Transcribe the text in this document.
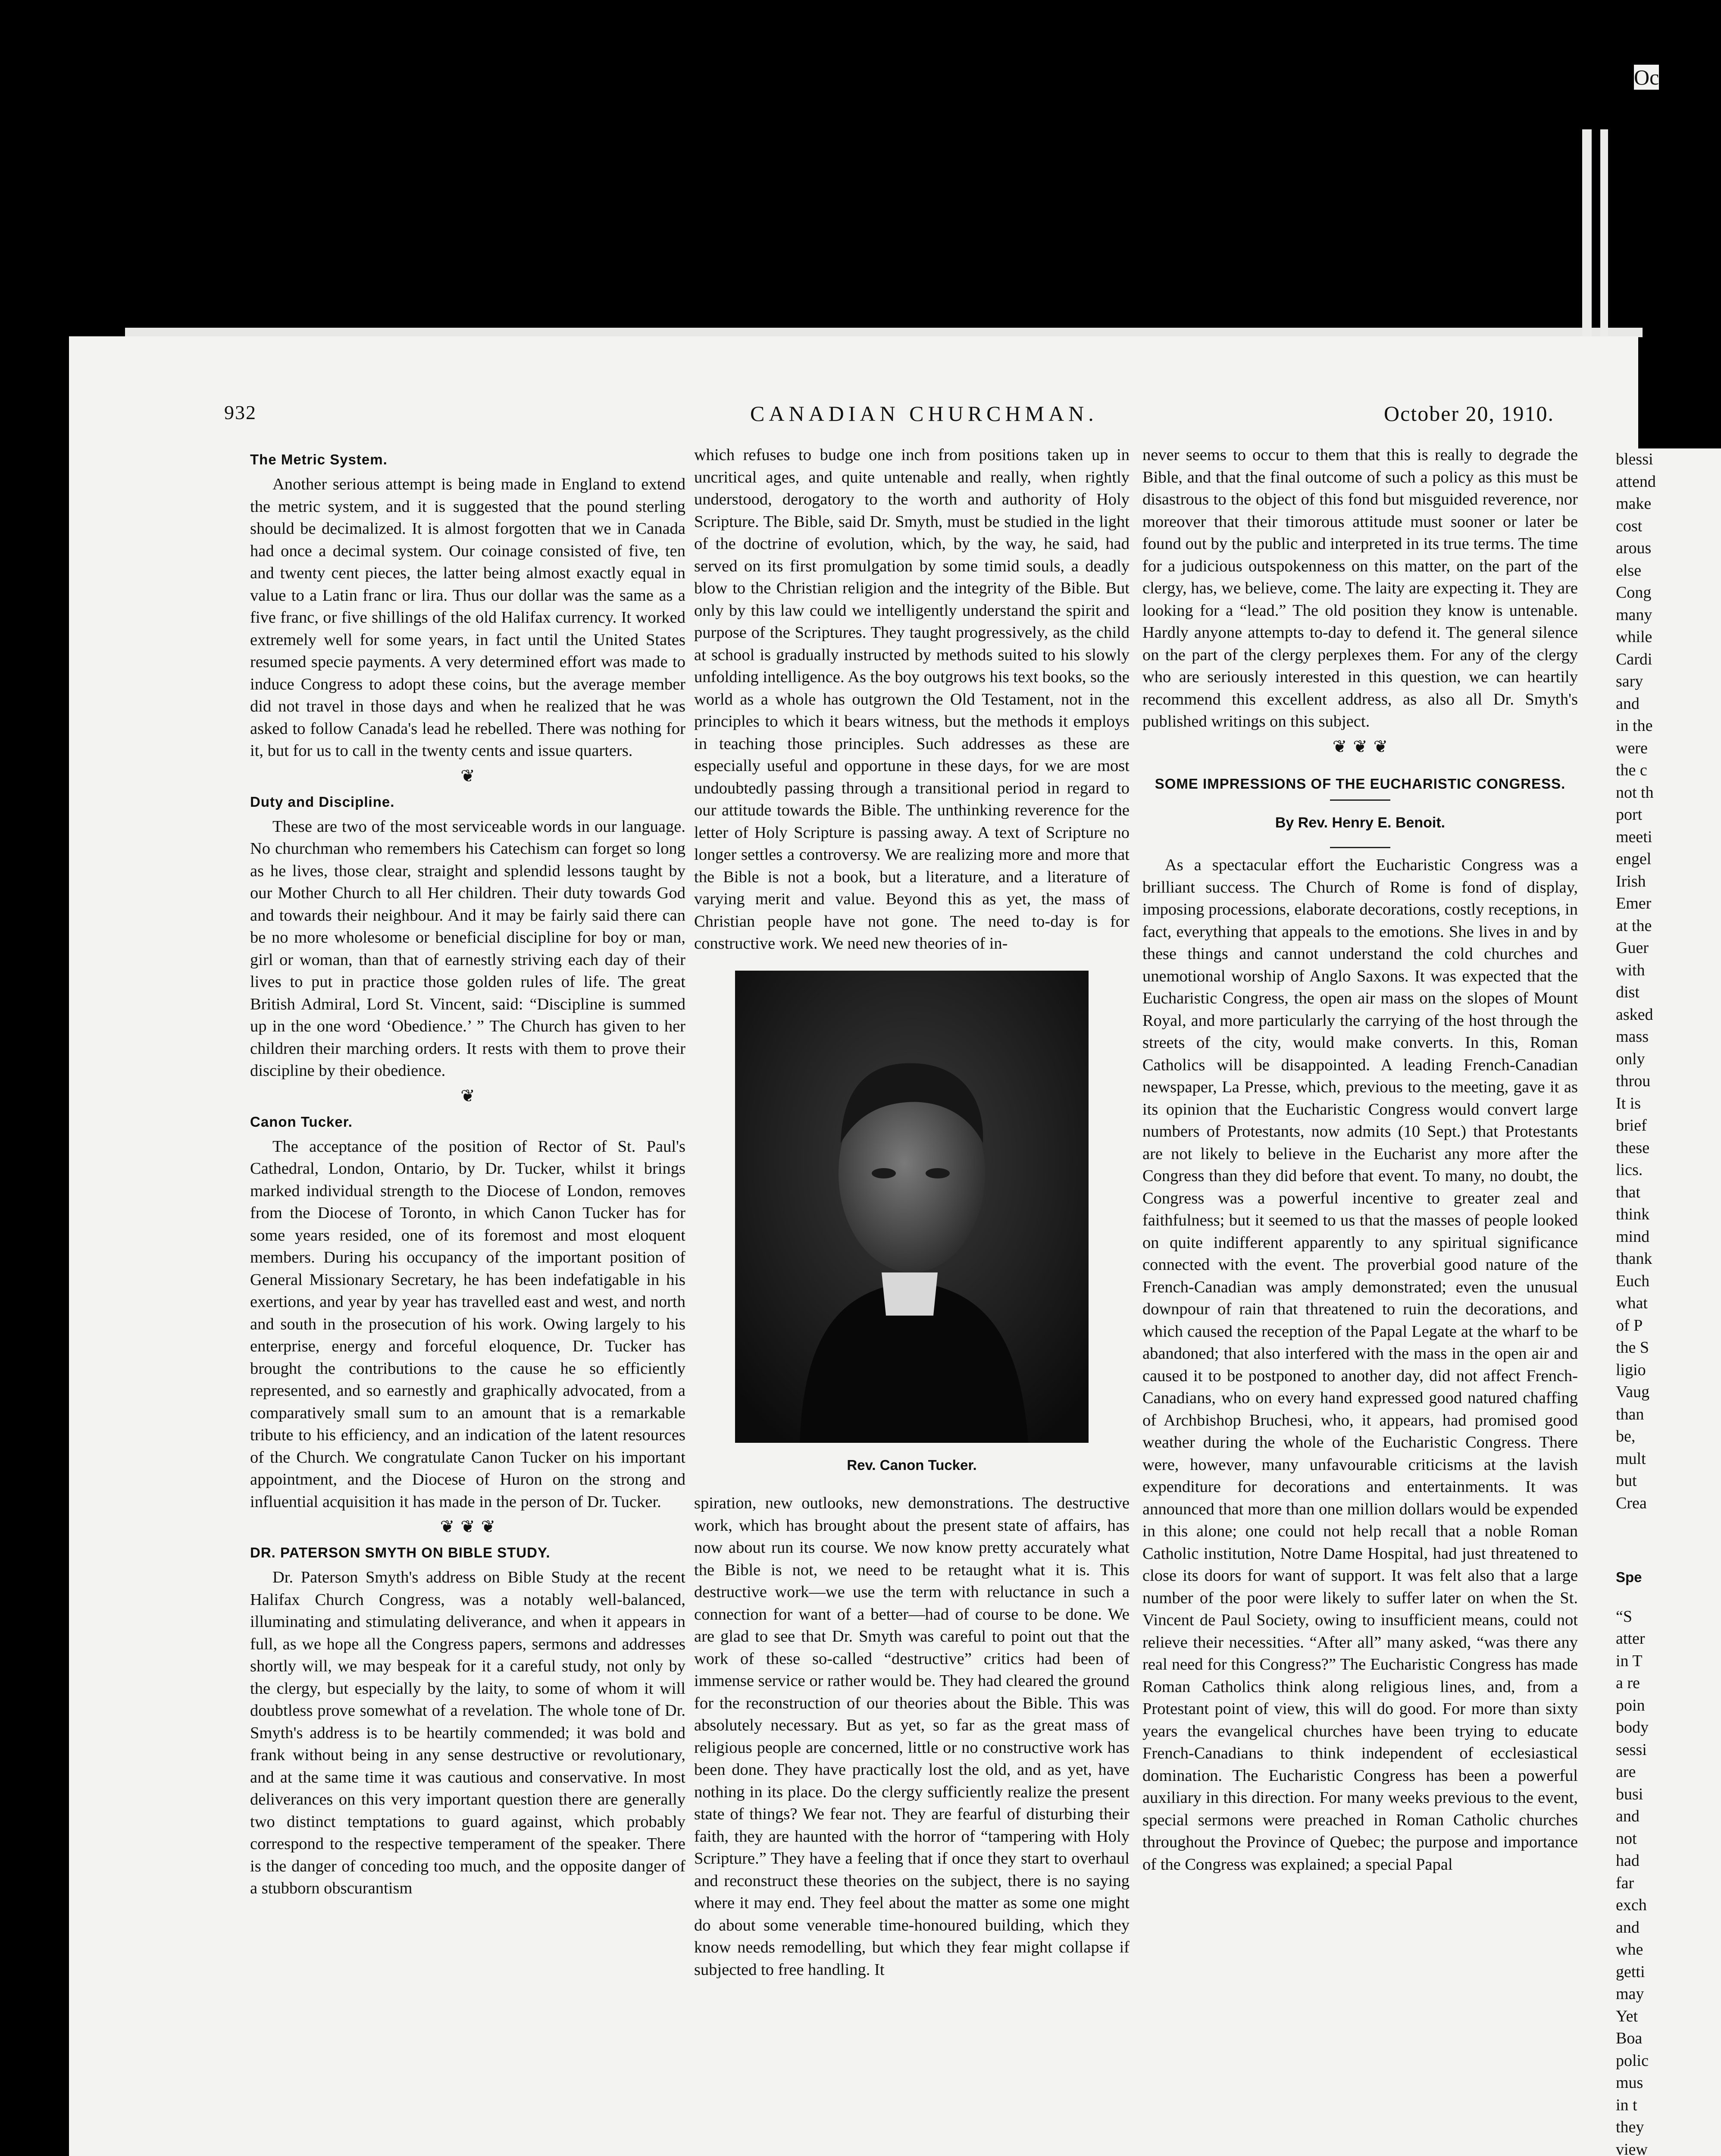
932	CANADIAN CHURCHMAN.	October 20, 1910.
The Metric System.

Another serious attempt is being made in England to extend the metric system, and it is suggested that the pound sterling should be decimalized. It is almost forgotten that we in Canada had once a decimal system. Our coinage consisted of five, ten and twenty cent pieces, the latter being almost exactly equal in value to a Latin franc or lira. Thus our dollar was the same as a five franc, or five shillings of the old Halifax currency. It worked extremely well for some years, in fact until the United States resumed specie payments. A very determined effort was made to induce Congress to adopt these coins, but the average member did not travel in those days and when he realized that he was asked to follow Canada's lead he rebelled. There was nothing for it, but for us to call in the twenty cents and issue quarters.

❦
Duty and Discipline.

These are two of the most serviceable words in our language. No churchman who remembers his Catechism can forget so long as he lives, those clear, straight and splendid lessons taught by our Mother Church to all Her children. Their duty towards God and towards their neighbour. And it may be fairly said there can be no more wholesome or beneficial discipline for boy or man, girl or woman, than that of earnestly striving each day of their lives to put in practice those golden rules of life. The great British Admiral, Lord St. Vincent, said: “Discipline is summed up in the one word ‘Obedience.’ ” The Church has given to her children their marching orders. It rests with them to prove their discipline by their obedience.

❦
Canon Tucker.

The acceptance of the position of Rector of St. Paul's Cathedral, London, Ontario, by Dr. Tucker, whilst it brings marked individual strength to the Diocese of London, removes from the Diocese of Toronto, in which Canon Tucker has for some years resided, one of its foremost and most eloquent members. During his occupancy of the important position of General Missionary Secretary, he has been indefatigable in his exertions, and year by year has travelled east and west, and north and south in the prosecution of his work. Owing largely to his enterprise, energy and forceful eloquence, Dr. Tucker has brought the contributions to the cause he so efficiently represented, and so earnestly and graphically advocated, from a comparatively small sum to an amount that is a remarkable tribute to his efficiency, and an indication of the latent resources of the Church. We congratulate Canon Tucker on his important appointment, and the Diocese of Huron on the strong and influential acquisition it has made in the person of Dr. Tucker.

❦ ❦ ❦
DR. PATERSON SMYTH ON BIBLE STUDY.

Dr. Paterson Smyth's address on Bible Study at the recent Halifax Church Congress, was a notably well-balanced, illuminating and stimulating deliverance, and when it appears in full, as we hope all the Congress papers, sermons and addresses shortly will, we may bespeak for it a careful study, not only by the clergy, but especially by the laity, to some of whom it will doubtless prove somewhat of a revelation. The whole tone of Dr. Smyth's address is to be heartily commended; it was bold and frank without being in any sense destructive or revolutionary, and at the same time it was cautious and conservative. In most deliverances on this very important question there are generally two distinct temptations to guard against, which probably correspond to the respective temperament of the speaker. There is the danger of conceding too much, and the opposite danger of a stubborn obscurantism

which refuses to budge one inch from positions taken up in uncritical ages, and quite untenable and really, when rightly understood, derogatory to the worth and authority of Holy Scripture. The Bible, said Dr. Smyth, must be studied in the light of the doctrine of evolution, which, by the way, he said, had served on its first promulgation by some timid souls, a deadly blow to the Christian religion and the integrity of the Bible. But only by this law could we intelligently understand the spirit and purpose of the Scriptures. They taught progressively, as the child at school is gradually instructed by methods suited to his slowly unfolding intelligence. As the boy outgrows his text books, so the world as a whole has outgrown the Old Testament, not in the principles to which it bears witness, but the methods it employs in teaching those principles. Such addresses as these are especially useful and opportune in these days, for we are most undoubtedly passing through a transitional period in regard to our attitude towards the Bible. The unthinking reverence for the letter of Holy Scripture is passing away. A text of Scripture no longer settles a controversy. We are realizing more and more that the Bible is not a book, but a literature, and a literature of varying merit and value. Beyond this as yet, the mass of Christian people have not gone. The need to-day is for constructive work. We need new theories of in-

Rev. Canon Tucker.

spiration, new outlooks, new demonstrations. The destructive work, which has brought about the present state of affairs, has now about run its course. We now know pretty accurately what the Bible is not, we need to be retaught what it is. This destructive work—we use the term with reluctance in such a connection for want of a better—had of course to be done. We are glad to see that Dr. Smyth was careful to point out that the work of these so-called “destructive” critics had been of immense service or rather would be. They had cleared the ground for the reconstruction of our theories about the Bible. This was absolutely necessary. But as yet, so far as the great mass of religious people are concerned, little or no constructive work has been done. They have practically lost the old, and as yet, have nothing in its place. Do the clergy sufficiently realize the present state of things? We fear not. They are fearful of disturbing their faith, they are haunted with the horror of “tampering with Holy Scripture.” They have a feeling that if once they start to overhaul and reconstruct these theories on the subject, there is no saying where it may end. They feel about the matter as some one might do about some venerable time-honoured building, which they know needs remodelling, but which they fear might collapse if subjected to free handling. It

never seems to occur to them that this is really to degrade the Bible, and that the final outcome of such a policy as this must be disastrous to the object of this fond but misguided reverence, nor moreover that their timorous attitude must sooner or later be found out by the public and interpreted in its true terms. The time for a judicious outspokenness on this matter, on the part of the clergy, has, we believe, come. The laity are expecting it. They are looking for a “lead.” The old position they know is untenable. Hardly anyone attempts to-day to defend it. The general silence on the part of the clergy perplexes them. For any of the clergy who are seriously interested in this question, we can heartily recommend this excellent address, as also all Dr. Smyth's published writings on this subject.

❦ ❦ ❦
SOME IMPRESSIONS OF THE EUCHARISTIC CONGRESS.
By Rev. Henry E. Benoit.

As a spectacular effort the Eucharistic Congress was a brilliant success. The Church of Rome is fond of display, imposing processions, elaborate decorations, costly receptions, in fact, everything that appeals to the emotions. She lives in and by these things and cannot understand the cold churches and unemotional worship of Anglo Saxons. It was expected that the Eucharistic Congress, the open air mass on the slopes of Mount Royal, and more particularly the carrying of the host through the streets of the city, would make converts. In this, Roman Catholics will be disappointed. A leading French-Canadian newspaper, La Presse, which, previous to the meeting, gave it as its opinion that the Eucharistic Congress would convert large numbers of Protestants, now admits (10 Sept.) that Protestants are not likely to believe in the Eucharist any more after the Congress than they did before that event. To many, no doubt, the Congress was a powerful incentive to greater zeal and faithfulness; but it seemed to us that the masses of people looked on quite indifferent apparently to any spiritual significance connected with the event. The proverbial good nature of the French-Canadian was amply demonstrated; even the unusual downpour of rain that threatened to ruin the decorations, and which caused the reception of the Papal Legate at the wharf to be abandoned; that also interfered with the mass in the open air and caused it to be postponed to another day, did not affect French-Canadians, who on every hand expressed good natured chaffing of Archbishop Bruchesi, who, it appears, had promised good weather during the whole of the Eucharistic Congress. There were, however, many unfavourable criticisms at the lavish expenditure for decorations and entertainments. It was announced that more than one million dollars would be expended in this alone; one could not help recall that a noble Roman Catholic institution, Notre Dame Hospital, had just threatened to close its doors for want of support. It was felt also that a large number of the poor were likely to suffer later on when the St. Vincent de Paul Society, owing to insufficient means, could not relieve their necessities. “After all” many asked, “was there any real need for this Congress?” The Eucharistic Congress has made Roman Catholics think along religious lines, and, from a Protestant point of view, this will do good. For more than sixty years the evangelical churches have been trying to educate French-Canadians to think independent of ecclesiastical domination. The Eucharistic Congress has been a powerful auxiliary in this direction. For many weeks previous to the event, special sermons were preached in Roman Catholic churches throughout the Province of Quebec; the purpose and importance of the Congress was explained; a special Papal

Oc
blessi
attend
make
cost
arous
else
Cong
many
while
Cardi
sary
and
in the
were
the c
not th
port
meeti
engel
Irish
Emer
at the
Guer
with
dist
asked
mass
only
throu
It is
brief
these
lics.
that
think
mind
thank
Euch
what
of P
the S
ligio
Vaug
than
be,
mult
but
Crea
Spe
“S
atter
in T
a re
poin
body
sessi
are
busi
and
not
had
far
exch
and
whe
getti
may
Yet
Boa
polic
mus
in t
they
view
